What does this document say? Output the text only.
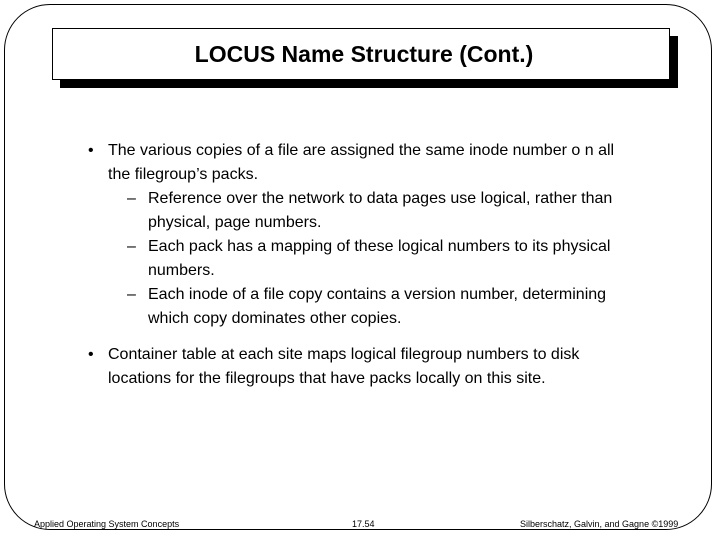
LOCUS Name Structure (Cont.)
• The various copies of a file are assigned the same inode number o n all the filegroup’s packs.
– Reference over the network to data pages use logical, rather than physical, page numbers.
– Each pack has a mapping of these logical numbers to its physical numbers.
– Each inode of a file copy contains a version number, determining which copy dominates other copies.
• Container table at each site maps logical filegroup numbers to disk locations for the filegroups that have packs locally on this site.
Applied Operating System Concepts	17.54	Silberschatz, Galvin, and Gagne ©1999
